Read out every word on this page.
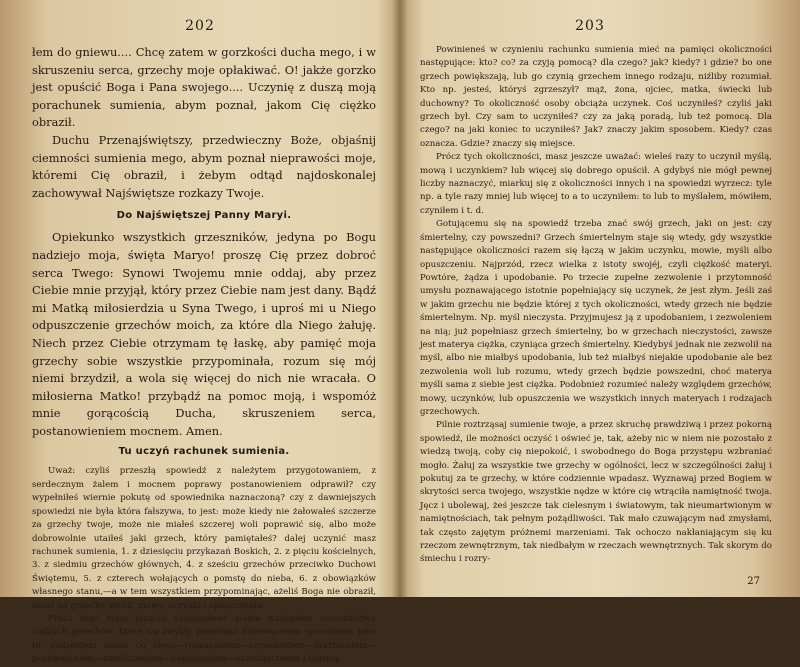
202

łem do gniewu.... Chcę zatem w gorzkości ducha mego, i w skruszeniu serca, grzechy moje opłakiwać. O! jakże gorzko jest opuścić Boga i Pana swojego.... Uczynię z duszą moją porachunek sumienia, abym poznał, jakom Cię ciężko obraził.

Duchu Przenajświętszy, przedwieczny Boże, objaśnij ciemności sumienia mego, abym poznał nieprawości moje, któremi Cię obraził, i żebym odtąd najdoskonalej zachowywał Najświętsze rozkazy Twoje.

Do Najświętszej Panny Maryi.

Opiekunko wszystkich grzeszników, jedyna po Bogu nadziejo moja, święta Maryo! proszę Cię przez dobroć serca Twego: Synowi Twojemu mnie oddaj, aby przez Ciebie mnie przyjął, który przez Ciebie nam jest dany. Bądź mi Matką miłosierdzia u Syna Twego, i uproś mi u Niego odpuszczenie grzechów moich, za które dla Niego żałuję. Niech przez Ciebie otrzymam tę łaskę, aby pamięć moja grzechy sobie wszystkie przypominała, rozum się mój niemi brzydził, a wola się więcej do nich nie wracała. O miłosierna Matko! przybądź na pomoc moją, i wspomóż mnie gorącością Ducha, skruszeniem serca, postanowieniem mocnem. Amen.

Tu uczyń rachunek sumienia.

Uważ: czyliś przeszłą spowiedź z należytem przygotowaniem, z serdecznym żalem i mocnem poprawy postanowieniem odprawił? czy wypełniłeś wiernie pokutę od spowiednika naznaczoną? czy z dawniejszych spowiedzi nie była która fałszywa, to jest: może kiedy nie żałowałeś szczerze za grzechy twoje, może nie miałeś szczerej woli poprawić się, albo może dobrowolnie utaiłeś jaki grzech, który pamiętałeś? dalej uczynić masz rachunek sumienia, 1. z dziesięciu przykazań Boskich, 2. z pięciu kościelnych, 3. z siedmiu grzechów głównych, 4. z sześciu grzechów przeciwko Duchowi Świętemu, 5. z czterech wołających o pomstę do nieba, 6. z obowiązków własnego stanu,—a w tem wszystkiem przypominając, ażeliś Boga nie obraził, uważ na grzechy, myśli, mowy, uczynki i opuszczenia.

Prócz tego masz jeszcze examinować siebie względem uczestnictwa cudzych grzechów, które się zwykły popełniać dziewięcioma sposobami, jako to: radzeniem komu co złego—rozkazaniem—zezwoleniem—drażnieniem—pochwalaniem—zamilczeniem—pobłażaniem—uczestnictwem i obroną.

203

Powinieneś w czynieniu rachunku sumienia mieć na pamięci okoliczności następujące: kto? co? za czyją pomocą? dla czego? jak? kiedy? i gdzie? bo one grzech powiększają, lub go czynią grzechem innego rodzaju, niźliby rozumiał. Kto np. jesteś, któryś zgrzeszył? mąż, żona, ojciec, matka, świecki lub duchowny? To okoliczność osoby obciąża uczynek. Coś uczyniłeś? czyliś jaki grzech był. Czy sam to uczyniłeś? czy za jaką poradą, lub też pomocą. Dla czego? na jaki koniec to uczyniłeś? Jak? znaczy jakim sposobem. Kiedy? czas oznacza. Gdzie? znaczy się miejsce.

Prócz tych okoliczności, masz jeszcze uważać: wieleś razy to uczynił myślą, mową i uczynkiem? lub więcej się dobrego opuścił. A gdybyś nie mógł pewnej liczby naznaczyć, miarkuj się z okoliczności innych i na spowiedzi wyrzecz: tyle np. a tyle razy mniej lub więcej to a to uczyniłem: to lub to myślałem, mówiłem, czyniłem i t. d.

Gotującemu się na spowiedź trzeba znać swój grzech, jaki on jest: czy śmiertelny, czy powszedni? Grzech śmiertelnym staje się wtedy, gdy wszystkie następujące okoliczności razem się łączą w jakim uczynku, mowie, myśli albo opuszczeniu. Najprzód, rzecz wielka z istoty swojéj, czyli ciężkość materyi. Powtóre, żądza i upodobanie. Po trzecie zupełne zezwolenie i przytomność umysłu poznawającego istotnie popełniający się uczynek, że jest złym. Jeśli zaś w jakim grzechu nie będzie której z tych okoliczności, wtedy grzech nie będzie śmiertelnym. Np. myśl nieczysta. Przyjmujesz ją z upodobaniem, i zezwoleniem na nią; już popełniasz grzech śmiertelny, bo w grzechach nieczystości, zawsze jest materya ciężka, czyniąca grzech śmiertelny. Kiedybyś jednak nie zezwolił na myśl, albo nie miałbyś upodobania, lub też miałbyś niejakie upodobanie ale bez zezwolenia woli lub rozumu, wtedy grzech będzie powszedni, choć materya myśli sama z siebie jest ciężka. Podobnież rozumieć należy względem grzechów, mowy, uczynków, lub opuszczenia we wszystkich innych materyach i rodzajach grzechowych.

Pilnie roztrząsaj sumienie twoje, a przez skruchę prawdziwą i przez pokorną spowiedź, ile możności oczyść i oświeć je, tak, ażeby nic w niem nie pozostało z wiedzą twoją, coby cię niepokoić, i swobodnego do Boga przystępu wzbraniać mogło. Żałuj za wszystkie twe grzechy w ogólności, lecz w szczególności żałuj i pokutuj za te grzechy, w które codziennie wpadasz. Wyznawaj przed Bogiem w skrytości serca twojego, wszystkie nędze w które cię wtrąciła namiętność twoja. Jęcz i ubolewaj, żeś jeszcze tak cielesnym i światowym, tak nieumartwionym w namiętnościach, tak pełnym pożądliwości. Tak mało czuwającym nad zmysłami, tak często zajętym próżnemi marzeniami. Tak ochoczo nakłaniającym się ku rzeczom zewnętrznym, tak niedbałym w rzeczach wewnętrznych. Tak skorym do śmiechu i rozry-

27
